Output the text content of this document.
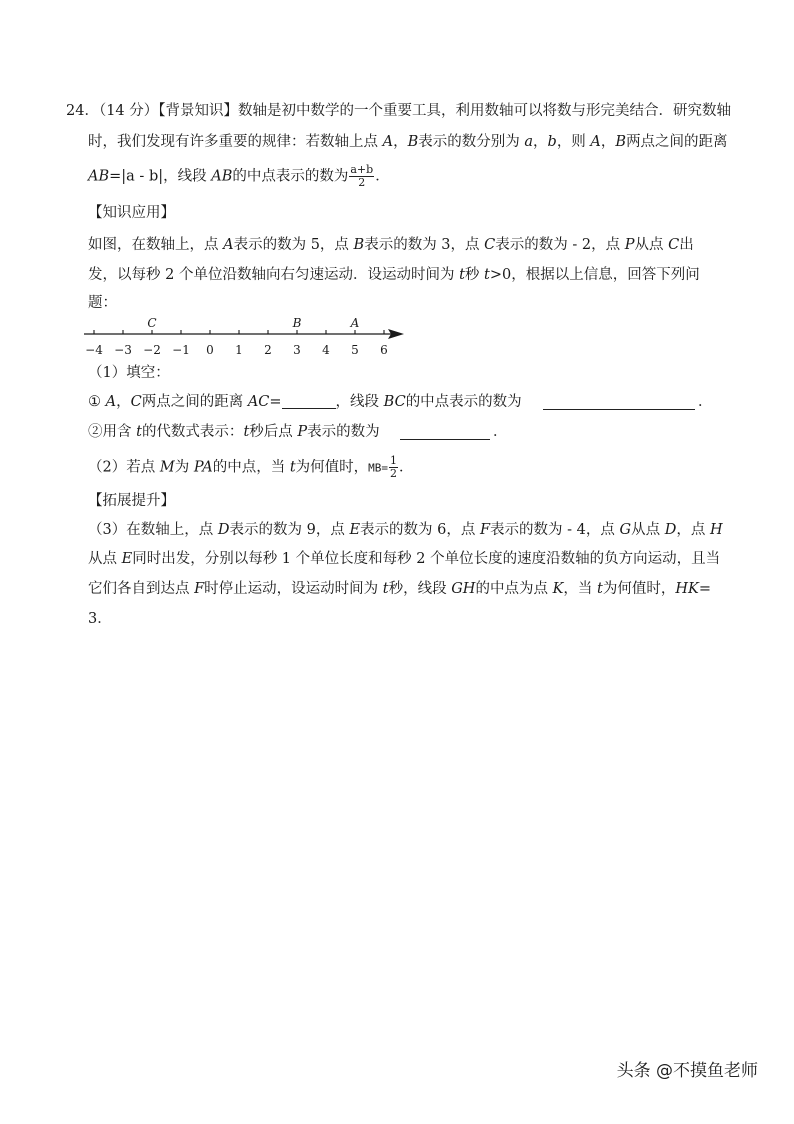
24．（14 分）【背景知识】数轴是初中数学的一个重要工具，利用数轴可以将数与形完美结合．研究数轴
时，我们发现有许多重要的规律：若数轴上点 A，B表示的数分别为 a，b，则 A，B两点之间的距离
AB=|a - b|，线段 AB的中点表示的数为 $\frac{a+b}{2}$ ．
【知识应用】
如图，在数轴上，点 A表示的数为 5，点 B表示的数为 3，点 C表示的数为 - 2，点 P从点 C出
发，以每秒 2 个单位沿数轴向右匀速运动．设运动时间为 t秒 t>0，根据以上信息，回答下列问
题：
−4 −3 −2 −1 0 1 2 3 4 5 6
C	B	A
（1）填空：
① A，C两点之间的距离 AC=	，线段 BC的中点表示的数为	．
②用含 t的代数式表示：t秒后点 P表示的数为	．
（2）若点 M为 PA的中点，当 t为何值时，$MB= \frac{1}{2}$ ．
【拓展提升】
（3）在数轴上，点 D表示的数为 9，点 E表示的数为 6，点 F表示的数为 - 4，点 G从点 D，点 H
从点 E同时出发，分别以每秒 1 个单位长度和每秒 2 个单位长度的速度沿数轴的负方向运动，且当
它们各自到达点 F时停止运动，设运动时间为 t秒，线段 GH的中点为点 K，当 t为何值时，HK=
3．
头条 @不摸鱼老师
